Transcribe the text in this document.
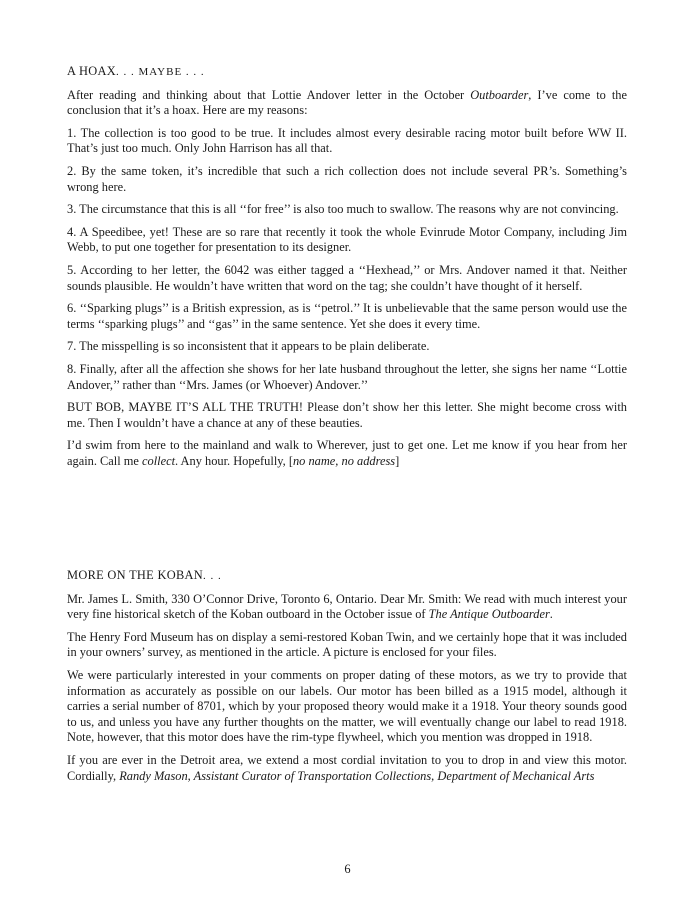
A HOAX. . . MAYBE . . .

After reading and thinking about that Lottie Andover letter in the October Outboarder, I’ve come to the conclusion that it’s a hoax. Here are my reasons:

1. The collection is too good to be true. It includes almost every desirable racing motor built before WW II. That’s just too much. Only John Harrison has all that.

2. By the same token, it’s incredible that such a rich collection does not include several PR’s. Something’s wrong here.

3. The circumstance that this is all ‘‘for free’’ is also too much to swallow. The reasons why are not convincing.

4. A Speedibee, yet! These are so rare that recently it took the whole Evinrude Motor Company, including Jim Webb, to put one together for presentation to its designer.

5. According to her letter, the 6042 was either tagged a ‘‘Hexhead,’’ or Mrs. Andover named it that. Neither sounds plausible. He wouldn’t have written that word on the tag; she couldn’t have thought of it herself.

6. ‘‘Sparking plugs’’ is a British expression, as is ‘‘petrol.’’ It is unbelievable that the same person would use the terms ‘‘sparking plugs’’ and ‘‘gas’’ in the same sentence. Yet she does it every time.

7. The misspelling is so inconsistent that it appears to be plain deliberate.

8. Finally, after all the affection she shows for her late husband throughout the letter, she signs her name ‘‘Lottie Andover,’’ rather than ‘‘Mrs. James (or Whoever) Andover.’’

BUT BOB, MAYBE IT’S ALL THE TRUTH! Please don’t show her this letter. She might become cross with me. Then I wouldn’t have a chance at any of these beauties.

I’d swim from here to the mainland and walk to Wherever, just to get one. Let me know if you hear from her again. Call me collect. Any hour. Hopefully, [no name, no address]

MORE ON THE KOBAN. . .

Mr. James L. Smith, 330 O’Connor Drive, Toronto 6, Ontario. Dear Mr. Smith: We read with much interest your very fine historical sketch of the Koban outboard in the October issue of The Antique Outboarder.

The Henry Ford Museum has on display a semi-restored Koban Twin, and we certainly hope that it was included in your owners’ survey, as mentioned in the article. A picture is enclosed for your files.

We were particularly interested in your comments on proper dating of these motors, as we try to provide that information as accurately as possible on our labels. Our motor has been billed as a 1915 model, although it carries a serial number of 8701, which by your proposed theory would make it a 1918. Your theory sounds good to us, and unless you have any further thoughts on the matter, we will eventually change our label to read 1918. Note, however, that this motor does have the rim-type flywheel, which you mention was dropped in 1918.

If you are ever in the Detroit area, we extend a most cordial invitation to you to drop in and view this motor. Cordially, Randy Mason, Assistant Curator of Transportation Collections, Department of Mechanical Arts

6
